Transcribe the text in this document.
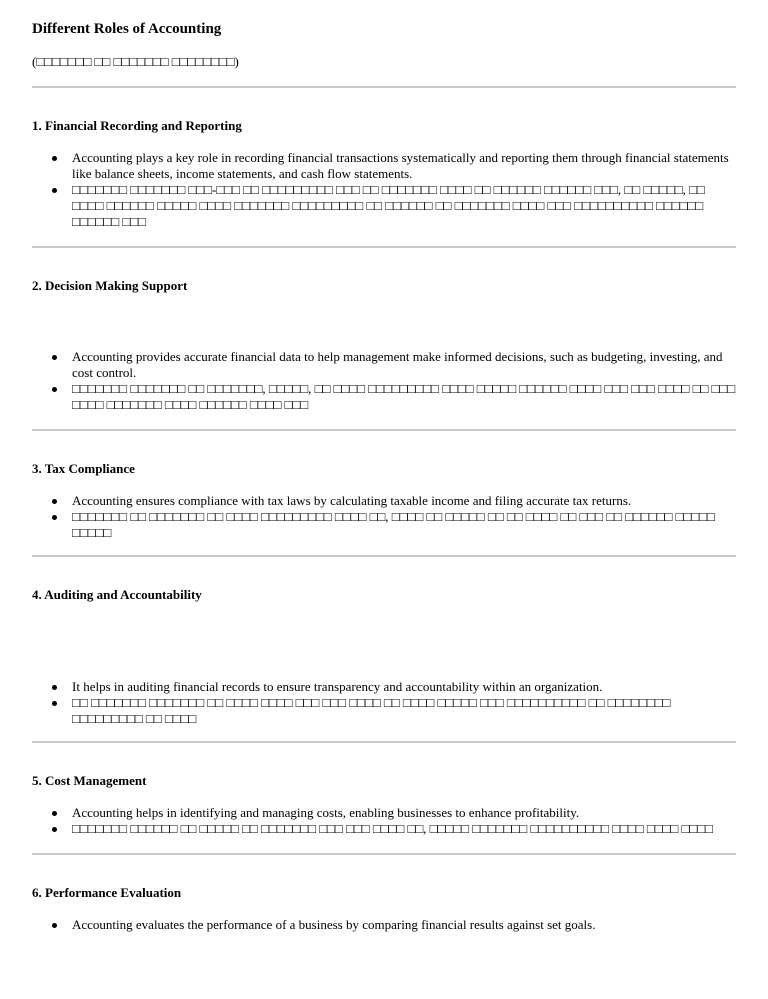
Different Roles of Accounting

(□□□□□□□ □□ □□□□□□□ □□□□□□□□)

1. Financial Recording and Reporting
Accounting plays a key role in recording financial transactions systematically and reporting them through financial statements like balance sheets, income statements, and cash flow statements.
□□□□□□□ □□□□□□□ □□□-□□□ □□ □□□□□□□□□ □□□ □□ □□□□□□□ □□□□ □□ □□□□□□ □□□□□□ □□□, □□ □□□□□, □□ □□□□ □□□□□□ □□□□□ □□□□ □□□□□□□ □□□□□□□□□ □□ □□□□□□ □□ □□□□□□□ □□□□ □□□ □□□□□□□□□□ □□□□□□ □□□□□□ □□□
2. Decision Making Support
Accounting provides accurate financial data to help management make informed decisions, such as budgeting, investing, and cost control.
□□□□□□□ □□□□□□□ □□ □□□□□□□, □□□□□, □□ □□□□ □□□□□□□□□ □□□□ □□□□□ □□□□□□ □□□□ □□□ □□□ □□□□ □□ □□□ □□□□ □□□□□□□ □□□□ □□□□□□ □□□□ □□□
3. Tax Compliance
Accounting ensures compliance with tax laws by calculating taxable income and filing accurate tax returns.
□□□□□□□ □□ □□□□□□□ □□ □□□□ □□□□□□□□□ □□□□ □□, □□□□ □□ □□□□□ □□ □□ □□□□ □□ □□□ □□ □□□□□□ □□□□□ □□□□□
4. Auditing and Accountability
It helps in auditing financial records to ensure transparency and accountability within an organization.
□□ □□□□□□□ □□□□□□□ □□ □□□□ □□□□ □□□ □□□ □□□□ □□ □□□□ □□□□□ □□□ □□□□□□□□□□ □□ □□□□□□□□ □□□□□□□□□ □□ □□□□
5. Cost Management
Accounting helps in identifying and managing costs, enabling businesses to enhance profitability.
□□□□□□□ □□□□□□ □□ □□□□□ □□ □□□□□□□ □□□ □□□ □□□□ □□, □□□□□ □□□□□□□ □□□□□□□□□□ □□□□ □□□□ □□□□
6. Performance Evaluation
Accounting evaluates the performance of a business by comparing financial results against set goals.
